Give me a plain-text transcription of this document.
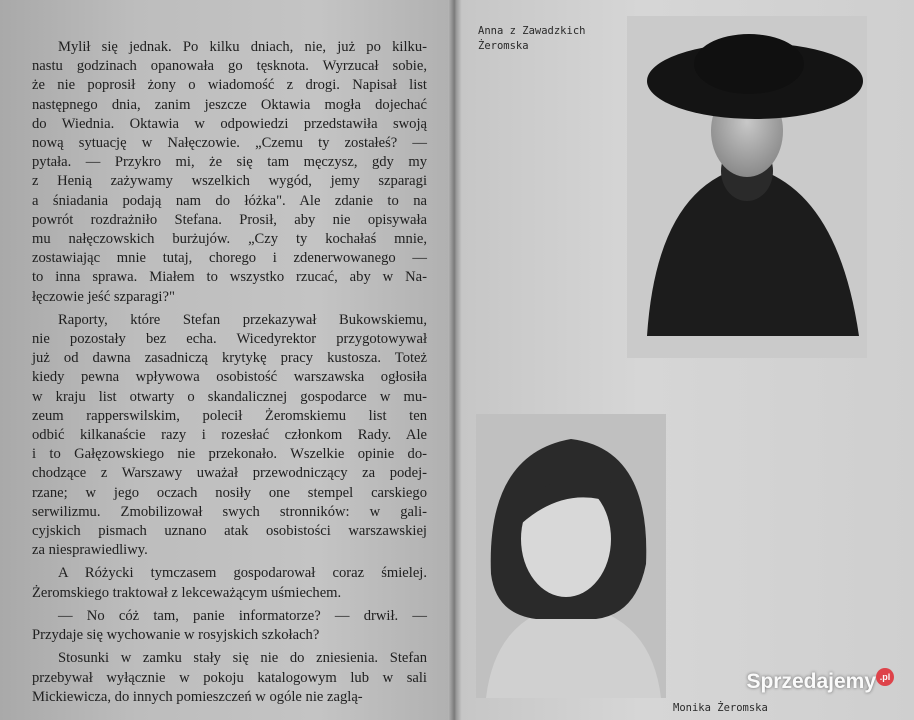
Mylił się jednak. Po kilku dniach, nie, już po kilku-
nastu godzinach opanowała go tęsknota. Wyrzucał sobie,
że nie poprosił żony o wiadomość z drogi. Napisał list
następnego dnia, zanim jeszcze Oktawia mogła dojechać
do Wiednia. Oktawia w odpowiedzi przedstawiła swoją
nową sytuację w Nałęczowie. „Czemu ty zostałeś? —
pytała. — Przykro mi, że się tam męczysz, gdy my
z Henią zażywamy wszelkich wygód, jemy szparagi
a śniadania podają nam do łóżka". Ale zdanie to na
powrót rozdrażniło Stefana. Prosił, aby nie opisywała
mu nałęczowskich burżujów. „Czy ty kochałaś mnie,
zostawiając mnie tutaj, chorego i zdenerwowanego —
to inna sprawa. Miałem to wszystko rzucać, aby w Na-
łęczowie jeść szparagi?"
Raporty, które Stefan przekazywał Bukowskiemu,
nie pozostały bez echa. Wicedyrektor przygotowywał
już od dawna zasadniczą krytykę pracy kustosza. Toteż
kiedy pewna wpływowa osobistość warszawska ogłosiła
w kraju list otwarty o skandalicznej gospodarce w mu-
zeum rapperswilskim, polecił Żeromskiemu list ten
odbić kilkanaście razy i rozesłać członkom Rady. Ale
i to Gałęzowskiego nie przekonało. Wszelkie opinie do-
chodzące z Warszawy uważał przewodniczący za podej-
rzane; w jego oczach nosiły one stempel carskiego
serwilizmu. Zmobilizował swych stronników: w gali-
cyjskich pismach uznano atak osobistości warszawskiej
za niesprawiedliwy.
A Różycki tymczasem gospodarował coraz śmielej.
Żeromskiego traktował z lekceważącym uśmiechem.
— No cóż tam, panie informatorze? — drwił. —
Przydaje się wychowanie w rosyjskich szkołach?
Stosunki w zamku stały się nie do zniesienia. Stefan
przebywał wyłącznie w pokoju katalogowym lub w sali
Mickiewicza, do innych pomieszczeń w ogóle nie zaglą-
Anna z Zawadzkich
Żeromska
Monika Żeromska
Sprzedajemy .pl
